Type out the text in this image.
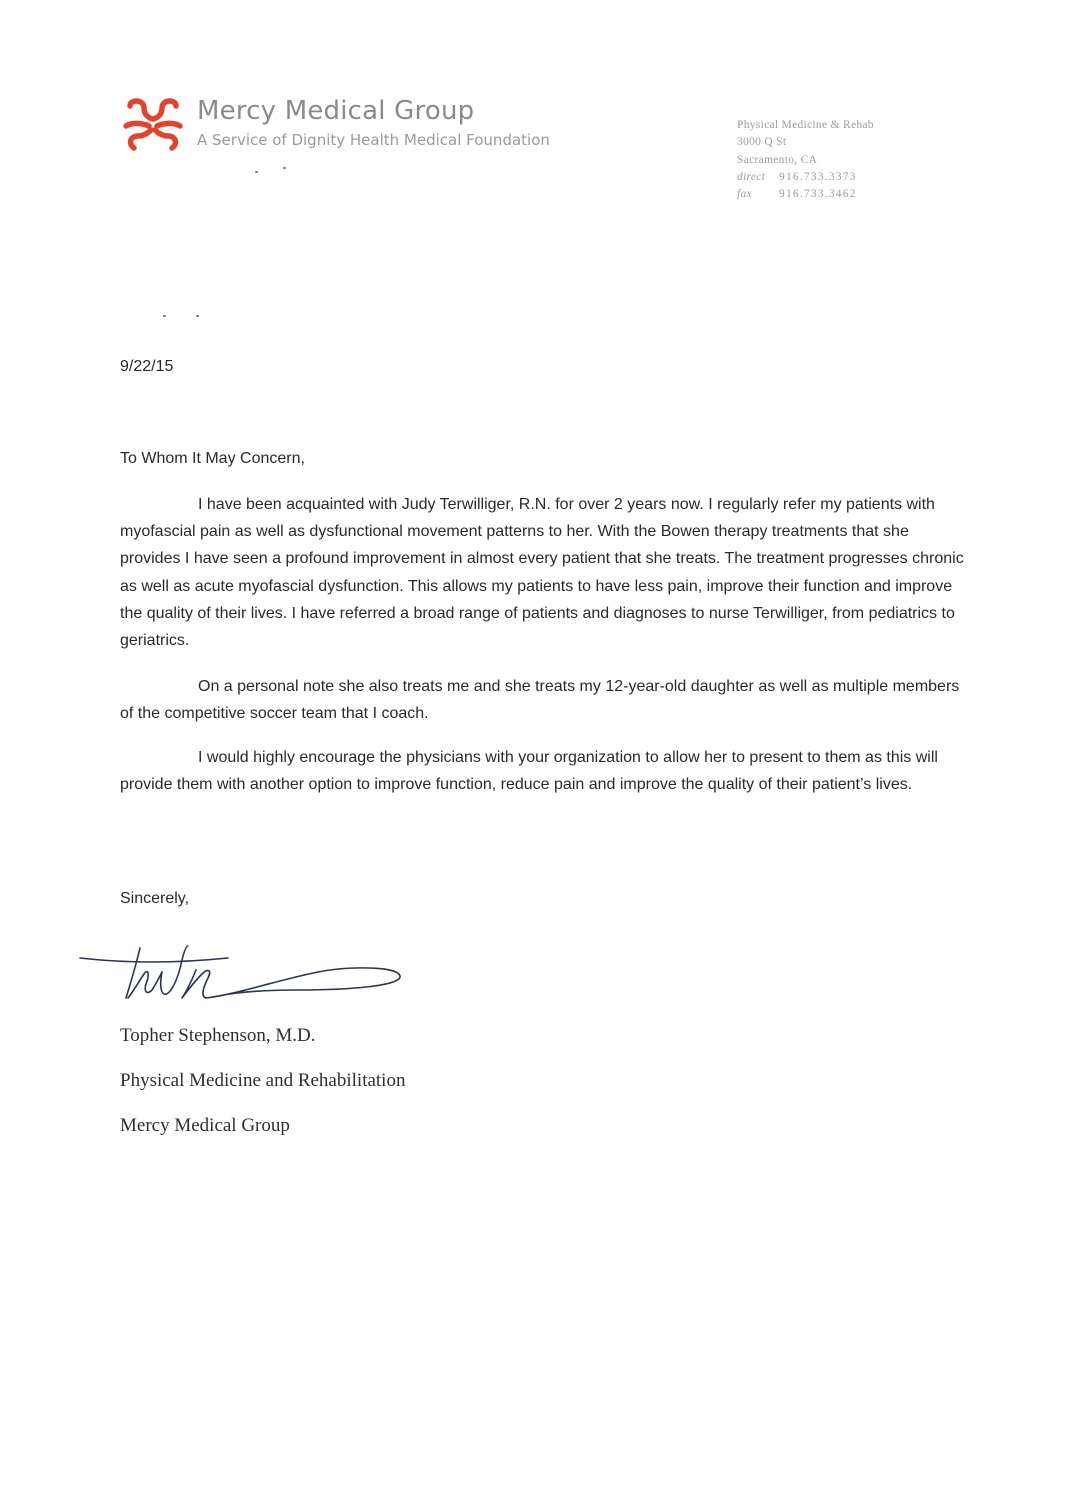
Mercy Medical Group
A Service of Dignity Health Medical Foundation
Physical Medicine & Rehab
3000 Q St
Sacramento, CA
direct 916.733.3373
fax 916.733.3462
9/22/15
To Whom It May Concern,

I have been acquainted with Judy Terwilliger, R.N. for over 2 years now. I regularly refer my patients with myofascial pain as well as dysfunctional movement patterns to her. With the Bowen therapy treatments that she provides I have seen a profound improvement in almost every patient that she treats. The treatment progresses chronic as well as acute myofascial dysfunction. This allows my patients to have less pain, improve their function and improve the quality of their lives. I have referred a broad range of patients and diagnoses to nurse Terwilliger, from pediatrics to geriatrics.

On a personal note she also treats me and she treats my 12-year-old daughter as well as multiple members of the competitive soccer team that I coach.

I would highly encourage the physicians with your organization to allow her to present to them as this will provide them with another option to improve function, reduce pain and improve the quality of their patient’s lives.

Sincerely,
Topher Stephenson, M.D.
Physical Medicine and Rehabilitation
Mercy Medical Group
